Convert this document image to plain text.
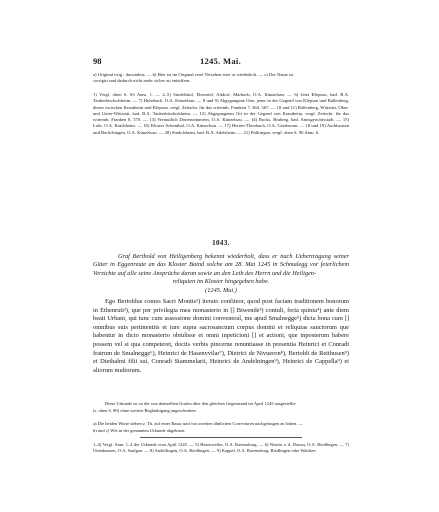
98	1245. Mai.

a) Original irrig : ducunibus. — b) Hier ist im Original zwei Versehen ister or wiederholt. — c) Der Name ist

corrigirt und dadurch nicht mehr sicher zu entziffern.

1) Vergl. oben S. 63 Anm. 1. — 2–5) Sindelshof, Eberstiel, Altdorf, Marbach, O.A. Künzelsau. — 6) Jetzt Klepsau, bad. B.A. Tauberbischofsheim. — 7) Hohebach, O.A. Künzelsau. — 8 und 9) Abgegangene Orte, jener in der Gegend von Klepsau und Ballenberg, dieser zwischen Krautheim und Klepsau, vergl. Zeitschr. für das wirtemb. Franken 7, 364. 367. — 10 und 11) Ballenberg, Wittstatt, Ober- und Unter-Wittstatt, bad. B.A. Tauberbischofsheim. — 12) Abgegangener Ort in der Gegend von Krautheim, vergl. Zeitschr. für das wirtemb. Franken 8, 570. — 13) Vermutlich Dörrenzimmern, O.A. Künzelsau. — 14) Bocks, Bruberg, bad. Amtsgerichtsstadt. — 15) Lohr, O.A. Krailsheim. — 16) Kloster Schönthal, O.A. Künzelsau. — 17) Herren-Thierbach, O.A. Gerabronn. — 18 und 19) Aschhausen und Berlichingen, O.A. Künzelsau. — 20) Sindolsheim, bad. B.A. Adelsheim. — 21) Püllringen, vergl. oben S. 90 Anm. 6.
1043.

Graf Berthold von Heiligenberg bekennt wiederholt, dass er nach Uebertragung seiner Güter in Eggenreute an das Kloster Baind solche am 28. Mai 1245 in Schmalegg vor feierlichem Verzichte auf alle seine Ansprüche daran sowie an den Leib des Herrn und die Heiligen-

reliquien im Kloster hingegeben habe.

(1245. Mai.)

Ego Bertoldus comes Sacri Montis¹) iterato confiteor, quod post factam traditionem bonorum in Ethenruti²), que per privilegia mea monasterio in [] Biwende³) contuli, feria quinta⁴) ante diem beati Urbani, qui tunc cum assessione domini conveneral, me apud Smalnegge⁵) dicta bona cum [] omnibus suis pertinentiis et iure supra sacrosanctum corpus domini et reliquias sanctorum que habentur in dicto monasterio obtulisse et omni inpeticioni [] et actioni, que inposterum habere possem vel si qua competeret, doctis verbis pincerne renuntiasse in presentia Heinrici et Conradi fratrum de Smalnegge⁶), Heinrici de Hasenvvilar⁷), Dietrici de Nivueron⁸), Bertoldi de Reithusen⁹) et Diethalmi filii sui, Conradi Stammelarii, Heinrici de Andelningen⁹), Heinrici de Cappella⁹) et aliorum multorum.

Diese Urkunde ist zu der von demselben Grafen über den gleichen Gegenstand im April 1245 ausgestellte

(s. oben S. 80) ohne weitere Beglaubigung angeschnitten.

a) Die beiden Worte stehen z. Th. auf einer Rasur und von zweiten ähnlichen Correcturen nachgetragen zu haben. —

b) und c) Wie in der genannten Urkunde abgekürzt.

1–4) Vergl. Anm. 1–4 der Urkunde vom April 1245. — 5) Hasenweiler, O.A. Ravensburg. — 6) Neufra a. d. Donau, O.A. Riedlingen. — 7) Uttenhausen, O.A. Saulgau. — 8) Andelfingen, O.A. Riedlingen. — 9) Kappel, O.A. Ravensburg, Riedlingen oder Waldsee.
